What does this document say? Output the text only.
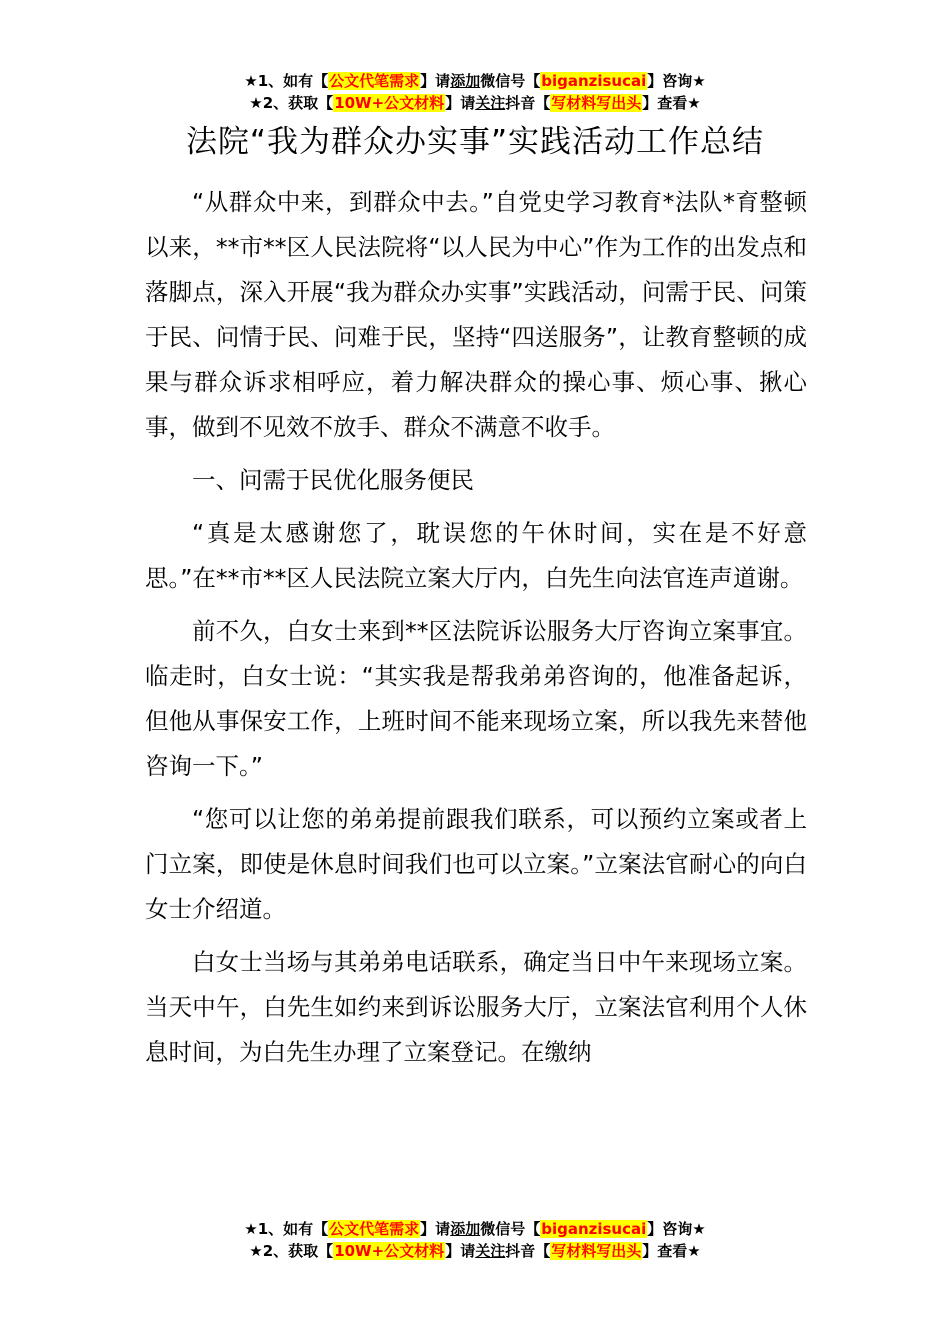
★1、如有【公文代笔需求】请添加微信号【biganzisucai】咨询★
★2、获取【10W+公文材料】请关注抖音【写材料写出头】查看★
法院“我为群众办实事”实践活动工作总结

“从群众中来，到群众中去。”自党史学习教育*法队*育整顿以来，**市**区人民法院将“以人民为中心”作为工作的出发点和落脚点，深入开展“我为群众办实事”实践活动，问需于民、问策于民、问情于民、问难于民，坚持“四送服务”，让教育整顿的成果与群众诉求相呼应，着力解决群众的操心事、烦心事、揪心事，做到不见效不放手、群众不满意不收手。

一、问需于民优化服务便民

“真是太感谢您了，耽误您的午休时间，实在是不好意思。”在**市**区人民法院立案大厅内，白先生向法官连声道谢。

前不久，白女士来到**区法院诉讼服务大厅咨询立案事宜。临走时，白女士说：“其实我是帮我弟弟咨询的，他准备起诉，但他从事保安工作，上班时间不能来现场立案，所以我先来替他咨询一下。”

“您可以让您的弟弟提前跟我们联系，可以预约立案或者上门立案，即使是休息时间我们也可以立案。”立案法官耐心的向白女士介绍道。

白女士当场与其弟弟电话联系，确定当日中午来现场立案。当天中午，白先生如约来到诉讼服务大厅，立案法官利用个人休息时间，为白先生办理了立案登记。在缴纳

★1、如有【公文代笔需求】请添加微信号【biganzisucai】咨询★
★2、获取【10W+公文材料】请关注抖音【写材料写出头】查看★
